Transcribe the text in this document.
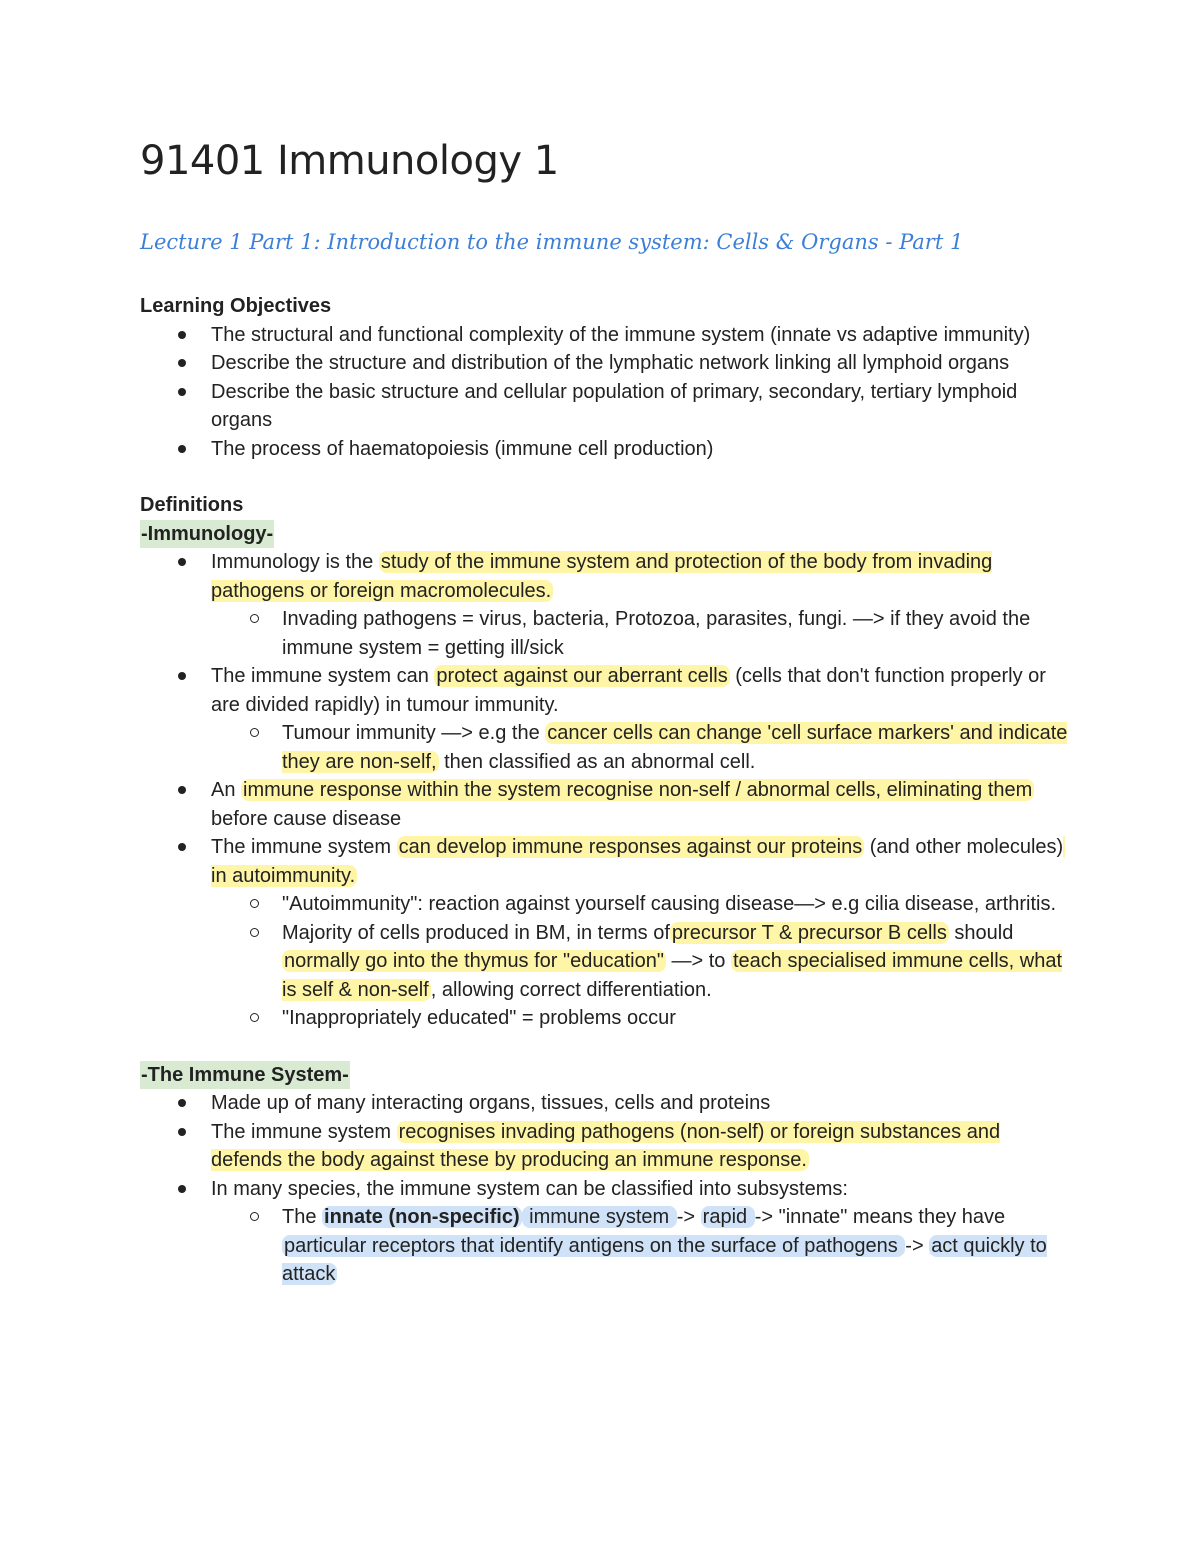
91401 Immunology 1
Lecture 1 Part 1: Introduction to the immune system: Cells & Organs - Part 1

Learning Objectives

The structural and functional complexity of the immune system (innate vs adaptive immunity)
Describe the structure and distribution of the lymphatic network linking all lymphoid organs
Describe the basic structure and cellular population of primary, secondary, tertiary lymphoid organs
The process of haematopoiesis (immune cell production)

Definitions

-Immunology-
Immunology is the study of the immune system and protection of the body from invading pathogens or foreign macromolecules.
Invading pathogens = virus, bacteria, Protozoa, parasites, fungi. —> if they avoid the immune system = getting ill/sick
The immune system can protect against our aberrant cells (cells that don't function properly or are divided rapidly) in tumour immunity.
Tumour immunity —> e.g the cancer cells can change 'cell surface markers' and indicate they are non-self, then classified as an abnormal cell.
An immune response within the system recognise non-self / abnormal cells, eliminating them before cause disease
The immune system can develop immune responses against our proteins (and other molecules) in autoimmunity.
"Autoimmunity": reaction against yourself causing disease—> e.g cilia disease, arthritis.
Majority of cells produced in BM, in terms of precursor T & precursor B cells should normally go into the thymus for "education" —> to teach specialised immune cells, what is self & non-self , allowing correct differentiation.
"Inappropriately educated" = problems occur
-The Immune System-
Made up of many interacting organs, tissues, cells and proteins
The immune system recognises invading pathogens (non-self) or foreign substances and defends the body against these by producing an immune response.
In many species, the immune system can be classified into subsystems:
The innate (non-specific) immune system -> rapid -> "innate" means they have particular receptors that identify antigens on the surface of pathogens -> act quickly to attack
